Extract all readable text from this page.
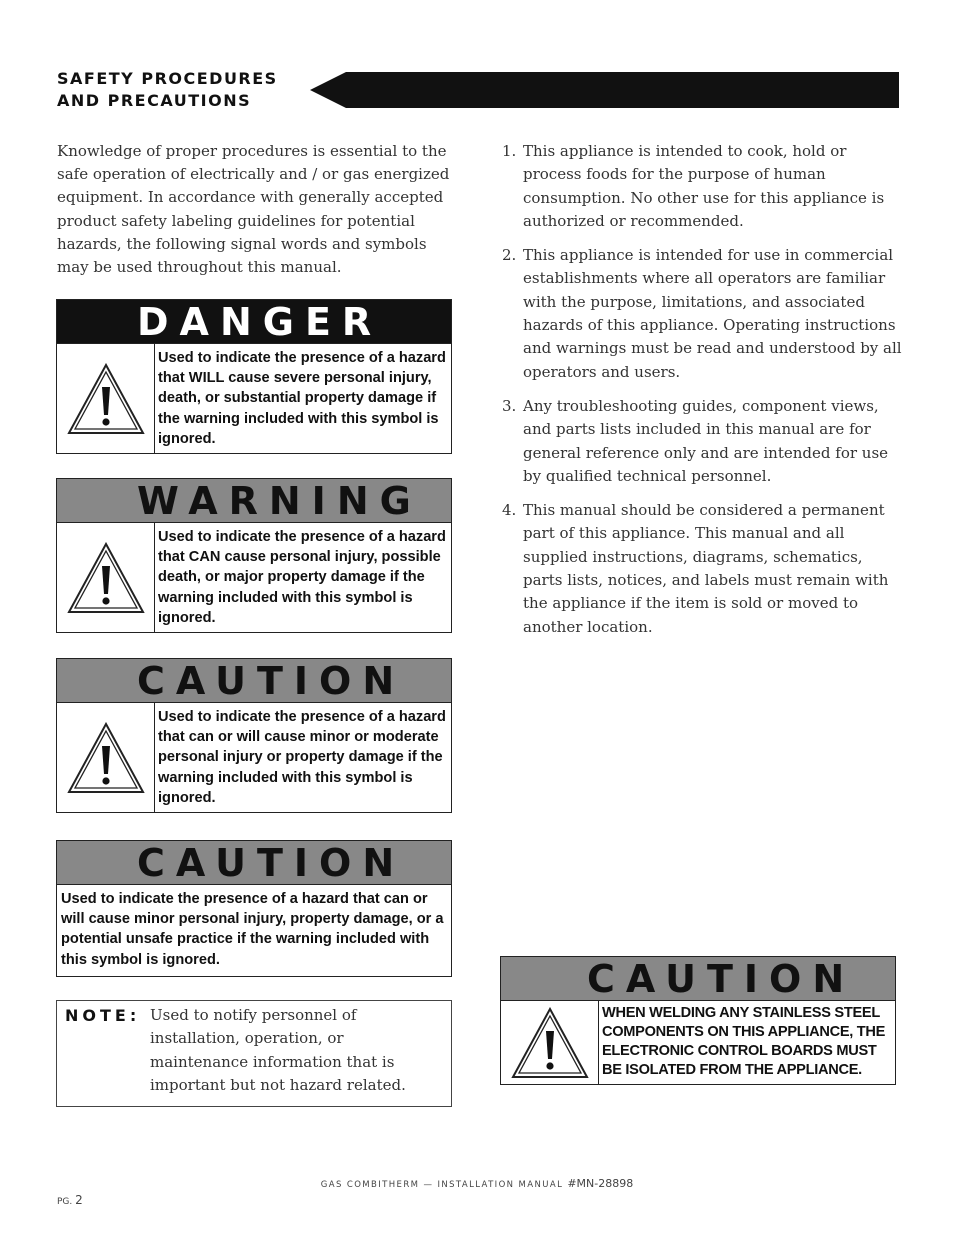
SAFETY PROCEDURES
AND PRECAUTIONS

Knowledge of proper procedures is essential to the safe operation of electrically and / or gas energized equipment. In accordance with generally accepted product safety labeling guidelines for potential hazards, the following signal words and symbols may be used throughout this manual.

DANGER
Used to indicate the presence of a hazard that WILL cause severe personal injury, death, or substantial property damage if the warning included with this symbol is ignored.
WARNING
Used to indicate the presence of a hazard that CAN cause personal injury, possible death, or major property damage if the warning included with this symbol is ignored.
CAUTION
Used to indicate the presence of a hazard that can or will cause minor or moderate personal injury or property damage if the warning included with this symbol is ignored.
CAUTION
Used to indicate the presence of a hazard that can or will cause minor personal injury, property damage, or a potential unsafe practice if the warning included with this symbol is ignored.
NOTE: Used to notify personnel of installation, operation, or maintenance information that is important but not hazard related.
1. This appliance is intended to cook, hold or process foods for the purpose of human consumption. No other use for this appliance is authorized or recommended.
2. This appliance is intended for use in commercial establishments where all operators are familiar with the purpose, limitations, and associated hazards of this appliance. Operating instructions and warnings must be read and understood by all operators and users.
3. Any troubleshooting guides, component views, and parts lists included in this manual are for general reference only and are intended for use by qualified technical personnel.
4. This manual should be considered a permanent part of this appliance. This manual and all supplied instructions, diagrams, schematics, parts lists, notices, and labels must remain with the appliance if the item is sold or moved to another location.
CAUTION
WHEN WELDING ANY STAINLESS STEEL COMPONENTS ON THIS APPLIANCE, THE ELECTRONIC CONTROL BOARDS MUST BE ISOLATED FROM THE APPLIANCE.
GAS COMBITHERM — INSTALLATION MANUAL #MN-28898
PG. 2
